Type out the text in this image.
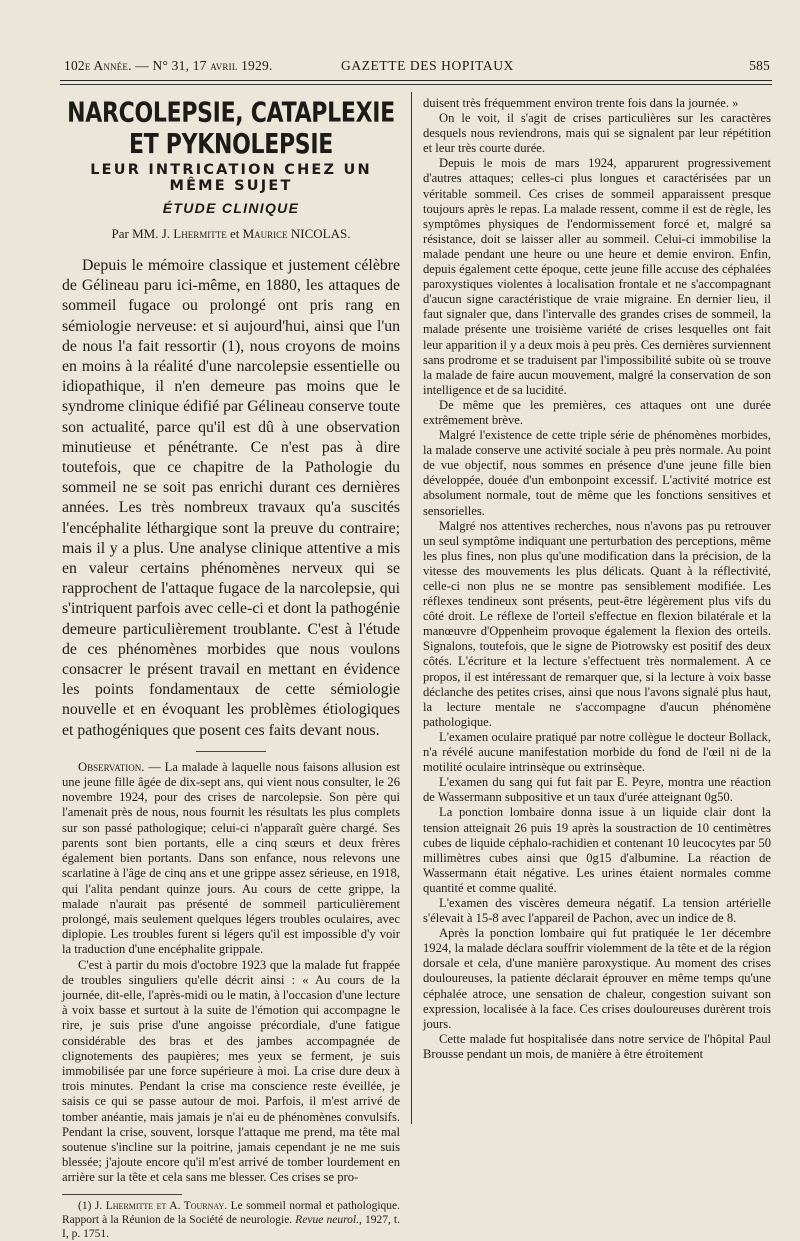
102e Année. — N° 31, 17 avril 1929.	GAZETTE DES HOPITAUX	585
NARCOLEPSIE, CATAPLEXIE ET PYKNOLEPSIE
LEUR INTRICATION CHEZ UN MÊME SUJET
ÉTUDE CLINIQUE
Par MM. J. Lhermitte et Maurice NICOLAS.

Depuis le mémoire classique et justement célèbre de Gélineau paru ici-même, en 1880, les attaques de sommeil fugace ou prolongé ont pris rang en sémiologie nerveuse: et si aujourd'hui, ainsi que l'un de nous l'a fait ressortir (1), nous croyons de moins en moins à la réalité d'une narcolepsie essentielle ou idiopathique, il n'en demeure pas moins que le syndrome clinique édifié par Gélineau conserve toute son actualité, parce qu'il est dû à une observation minutieuse et pénétrante. Ce n'est pas à dire toutefois, que ce chapitre de la Pathologie du sommeil ne se soit pas enrichi durant ces dernières années. Les très nombreux travaux qu'a suscités l'encéphalite léthargique sont la preuve du contraire; mais il y a plus. Une analyse clinique attentive a mis en valeur certains phénomènes nerveux qui se rapprochent de l'attaque fugace de la narcolepsie, qui s'intriquent parfois avec celle-ci et dont la pathogénie demeure particulièrement troublante. C'est à l'étude de ces phénomènes morbides que nous voulons consacrer le présent travail en mettant en évidence les points fondamentaux de cette sémiologie nouvelle et en évoquant les problèmes étiologiques et pathogéniques que posent ces faits devant nous.

Observation. — La malade à laquelle nous faisons allusion est une jeune fille âgée de dix-sept ans, qui vient nous consulter, le 26 novembre 1924, pour des crises de narcolepsie. Son père qui l'amenait près de nous, nous fournit les résultats les plus complets sur son passé pathologique; celui-ci n'apparaît guère chargé. Ses parents sont bien portants, elle a cinq sœurs et deux frères également bien portants. Dans son enfance, nous relevons une scarlatine à l'âge de cinq ans et une grippe assez sérieuse, en 1918, qui l'alita pendant quinze jours. Au cours de cette grippe, la malade n'aurait pas présenté de sommeil particulièrement prolongé, mais seulement quelques légers troubles oculaires, avec diplopie. Les troubles furent si légers qu'il est impossible d'y voir la traduction d'une encéphalite grippale.

C'est à partir du mois d'octobre 1923 que la malade fut frappée de troubles singuliers qu'elle décrit ainsi : « Au cours de la journée, dit-elle, l'après-midi ou le matin, à l'occasion d'une lecture à voix basse et surtout à la suite de l'émotion qui accompagne le rire, je suis prise d'une angoisse précordiale, d'une fatigue considérable des bras et des jambes accompagnée de clignotements des paupières; mes yeux se ferment, je suis immobilisée par une force supérieure à moi. La crise dure deux à trois minutes. Pendant la crise ma conscience reste éveillée, je saisis ce qui se passe autour de moi. Parfois, il m'est arrivé de tomber anéantie, mais jamais je n'ai eu de phénomènes convulsifs. Pendant la crise, souvent, lorsque l'attaque me prend, ma tête mal soutenue s'incline sur la poitrine, jamais cependant je ne me suis blessée; j'ajoute encore qu'il m'est arrivé de tomber lourdement en arrière sur la tête et cela sans me blesser. Ces crises se pro-

(1) J. Lhermitte et A. Tournay. Le sommeil normal et pathologique. Rapport à la Réunion de la Société de neurologie. Revue neurol., 1927, t. I, p. 1751.

duisent très fréquemment environ trente fois dans la journée. »

On le voit, il s'agit de crises particulières sur les caractères desquels nous reviendrons, mais qui se signalent par leur répétition et leur très courte durée.

Depuis le mois de mars 1924, apparurent progressivement d'autres attaques; celles-ci plus longues et caractérisées par un véritable sommeil. Ces crises de sommeil apparaissent presque toujours après le repas. La malade ressent, comme il est de règle, les symptômes physiques de l'endormissement forcé et, malgré sa résistance, doit se laisser aller au sommeil. Celui-ci immobilise la malade pendant une heure ou une heure et demie environ. Enfin, depuis également cette époque, cette jeune fille accuse des céphalées paroxystiques violentes à localisation frontale et ne s'accompagnant d'aucun signe caractéristique de vraie migraine. En dernier lieu, il faut signaler que, dans l'intervalle des grandes crises de sommeil, la malade présente une troisième variété de crises lesquelles ont fait leur apparition il y a deux mois à peu près. Ces dernières surviennent sans prodrome et se traduisent par l'impossibilité subite où se trouve la malade de faire aucun mouvement, malgré la conservation de son intelligence et de sa lucidité.

De même que les premières, ces attaques ont une durée extrêmement brève.

Malgré l'existence de cette triple série de phénomènes morbides, la malade conserve une activité sociale à peu près normale. Au point de vue objectif, nous sommes en présence d'une jeune fille bien développée, douée d'un embonpoint excessif. L'activité motrice est absolument normale, tout de même que les fonctions sensitives et sensorielles.

Malgré nos attentives recherches, nous n'avons pas pu retrouver un seul symptôme indiquant une perturbation des perceptions, même les plus fines, non plus qu'une modification dans la précision, de la vitesse des mouvements les plus délicats. Quant à la réflectivité, celle-ci non plus ne se montre pas sensiblement modifiée. Les réflexes tendineux sont présents, peut-être légèrement plus vifs du côté droit. Le réflexe de l'orteil s'effectue en flexion bilatérale et la manœuvre d'Oppenheim provoque également la flexion des orteils. Signalons, toutefois, que le signe de Piotrowsky est positif des deux côtés. L'écriture et la lecture s'effectuent très normalement. A ce propos, il est intéressant de remarquer que, si la lecture à voix basse déclanche des petites crises, ainsi que nous l'avons signalé plus haut, la lecture mentale ne s'accompagne d'aucun phénomène pathologique.

L'examen oculaire pratiqué par notre collègue le docteur Bollack, n'a révélé aucune manifestation morbide du fond de l'œil ni de la motilité oculaire intrinsèque ou extrinsèque.

L'examen du sang qui fut fait par E. Peyre, montra une réaction de Wassermann subpositive et un taux d'urée atteignant 0g50.

La ponction lombaire donna issue à un liquide clair dont la tension atteignait 26 puis 19 après la soustraction de 10 centimètres cubes de liquide céphalo-rachidien et contenant 10 leucocytes par 50 millimètres cubes ainsi que 0g15 d'albumine. La réaction de Wassermann était négative. Les urines étaient normales comme quantité et comme qualité.

L'examen des viscères demeura négatif. La tension artérielle s'élevait à 15-8 avec l'appareil de Pachon, avec un indice de 8.

Après la ponction lombaire qui fut pratiquée le 1er décembre 1924, la malade déclara souffrir violemment de la tête et de la région dorsale et cela, d'une manière paroxystique. Au moment des crises douloureuses, la patiente déclarait éprouver en même temps qu'une céphalée atroce, une sensation de chaleur, congestion suivant son expression, localisée à la face. Ces crises douloureuses durèrent trois jours.

Cette malade fut hospitalisée dans notre service de l'hôpital Paul Brousse pendant un mois, de manière à être étroitement
